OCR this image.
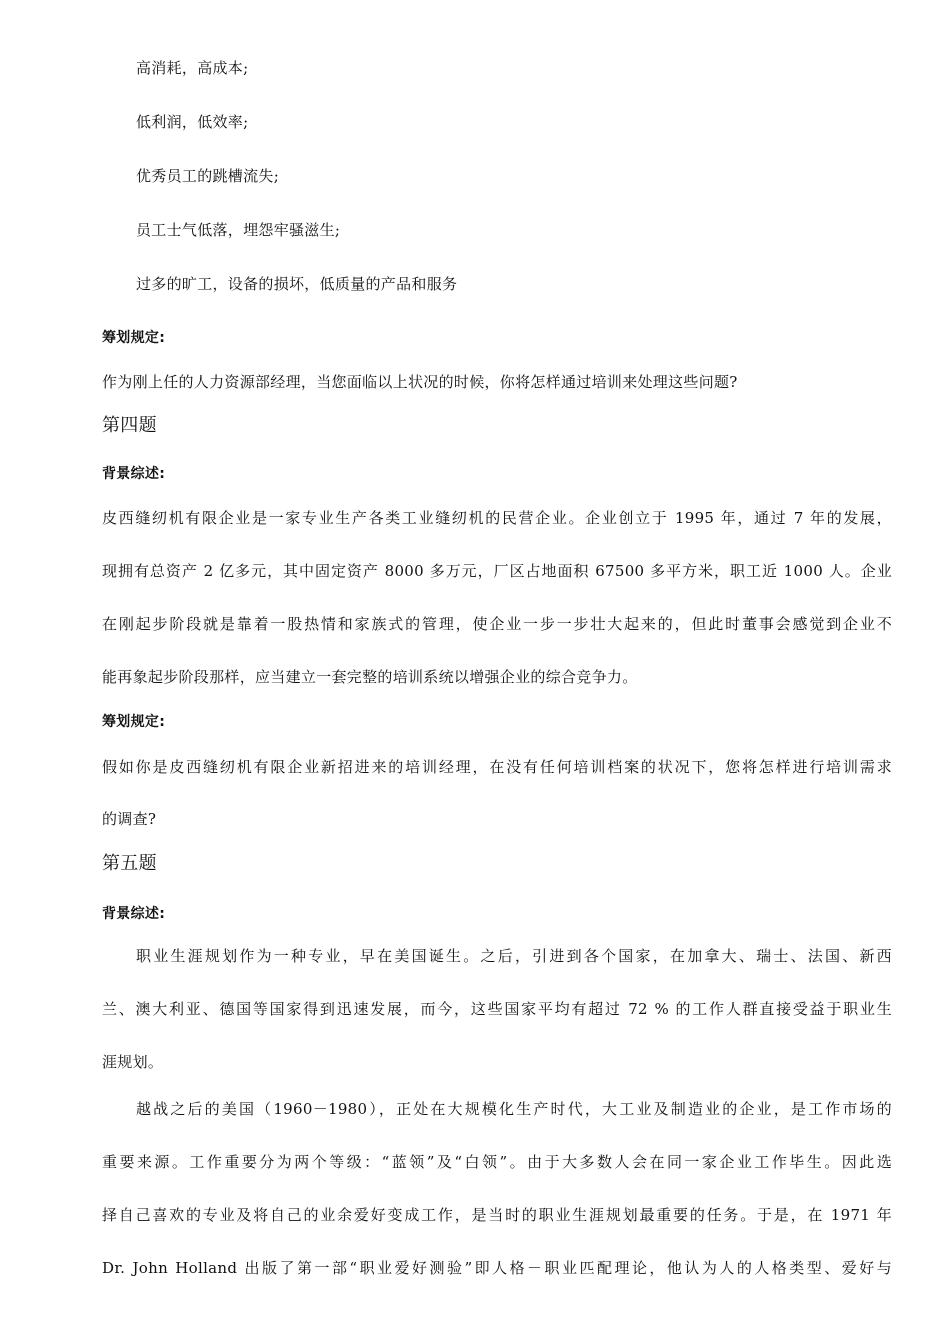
高消耗，高成本;
低利润，低效率;
优秀员工的跳槽流失;
员工士气低落，埋怨牢骚滋生;
过多的旷工，设备的损坏，低质量的产品和服务
筹划规定:
作为刚上任的人力资源部经理，当您面临以上状况的时候，你将怎样通过培训来处理这些问题?
第四题
背景综述:
皮西缝纫机有限企业是一家专业生产各类工业缝纫机的民营企业。企业创立于 1995 年，通过 7 年的发展，
现拥有总资产 2 亿多元，其中固定资产 8000 多万元，厂区占地面积 67500 多平方米，职工近 1000 人。企业
在刚起步阶段就是靠着一股热情和家族式的管理，使企业一步一步壮大起来的，但此时董事会感觉到企业不
能再象起步阶段那样，应当建立一套完整的培训系统以增强企业的综合竞争力。
筹划规定:
假如你是皮西缝纫机有限企业新招进来的培训经理，在没有任何培训档案的状况下，您将怎样进行培训需求
的调查?
第五题
背景综述:
职业生涯规划作为一种专业，早在美国诞生。之后，引进到各个国家，在加拿大、瑞士、法国、新西
兰、澳大利亚、德国等国家得到迅速发展，而今，这些国家平均有超过 72 % 的工作人群直接受益于职业生
涯规划。
越战之后的美国（1960－1980），正处在大规模化生产时代，大工业及制造业的企业，是工作市场的
重要来源。工作重要分为两个等级：“蓝领”及“白领”。由于大多数人会在同一家企业工作毕生。因此选
择自己喜欢的专业及将自己的业余爱好变成工作，是当时的职业生涯规划最重要的任务。于是，在 1971 年
Dr. John Holland 出版了第一部“职业爱好测验”即人格－职业匹配理论，他认为人的人格类型、爱好与
